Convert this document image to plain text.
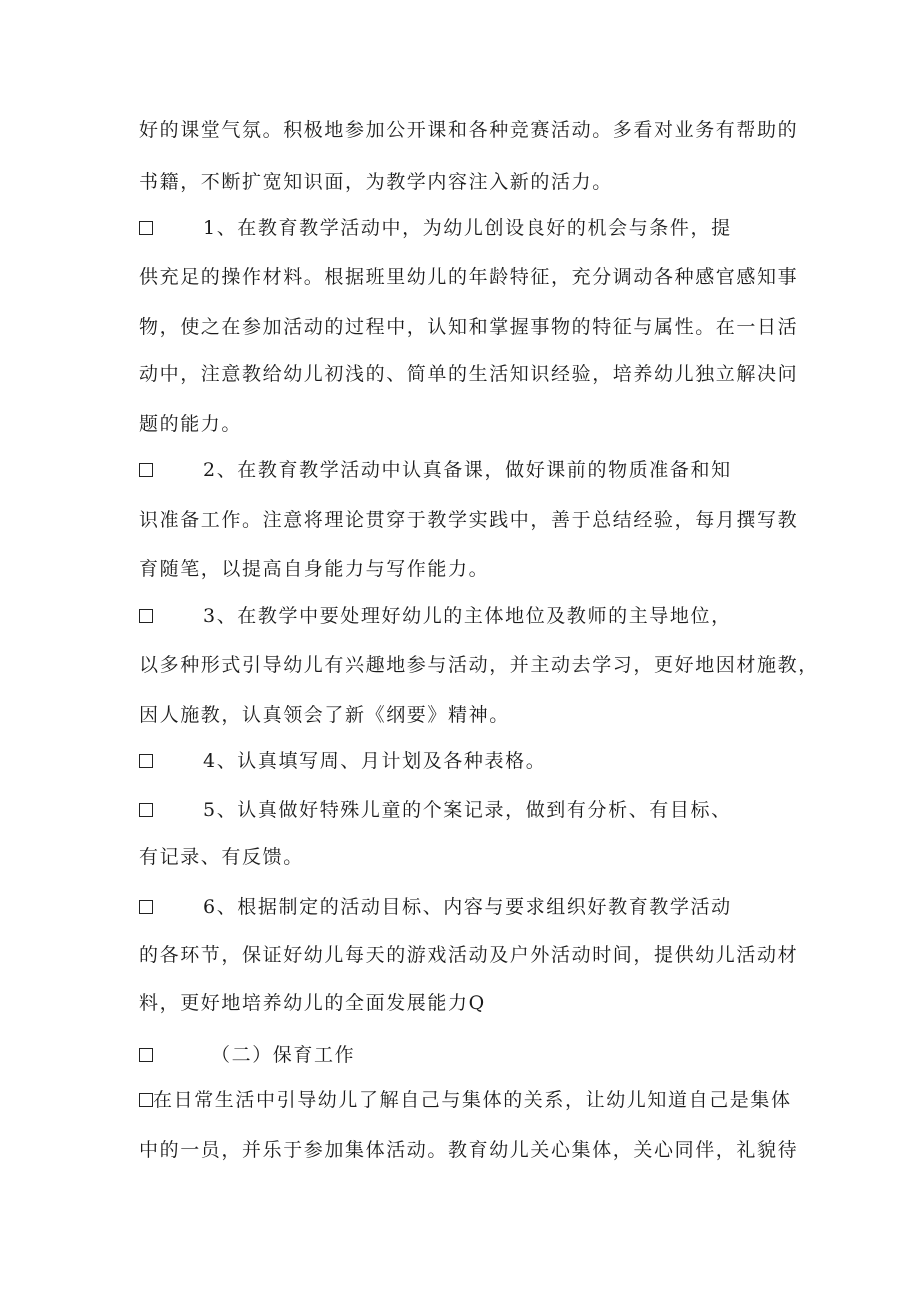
好的课堂气氛。积极地参加公开课和各种竞赛活动。多看对业务有帮助的
书籍，不断扩宽知识面，为教学内容注入新的活力。
1、在教育教学活动中，为幼儿创设良好的机会与条件，提
供充足的操作材料。根据班里幼儿的年龄特征，充分调动各种感官感知事
物，使之在参加活动的过程中，认知和掌握事物的特征与属性。在一日活
动中，注意教给幼儿初浅的、简单的生活知识经验，培养幼儿独立解决问
题的能力。
2、在教育教学活动中认真备课，做好课前的物质准备和知
识准备工作。注意将理论贯穿于教学实践中，善于总结经验，每月撰写教
育随笔，以提高自身能力与写作能力。
3、在教学中要处理好幼儿的主体地位及教师的主导地位，
以多种形式引导幼儿有兴趣地参与活动，并主动去学习，更好地因材施教，
因人施教，认真领会了新《纲要》精神。
4、认真填写周、月计划及各种表格。
5、认真做好特殊儿童的个案记录，做到有分析、有目标、
有记录、有反馈。
6、根据制定的活动目标、内容与要求组织好教育教学活动
的各环节，保证好幼儿每天的游戏活动及户外活动时间，提供幼儿活动材
料，更好地培养幼儿的全面发展能力Q
（二）保育工作
在日常生活中引导幼儿了解自己与集体的关系，让幼儿知道自己是集体
中的一员，并乐于参加集体活动。教育幼儿关心集体，关心同伴，礼貌待
